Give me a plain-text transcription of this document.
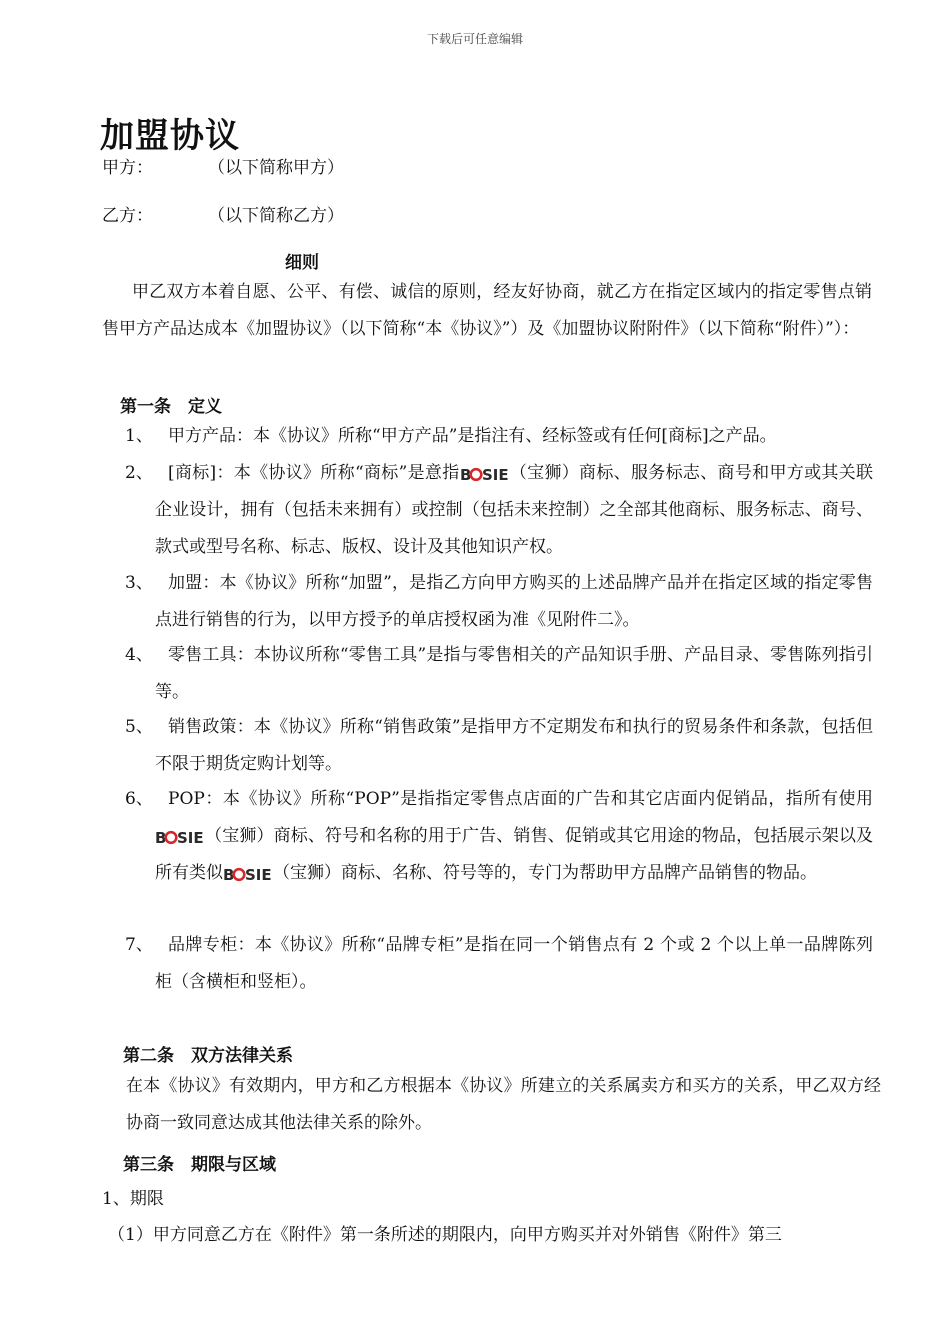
下载后可任意编辑
加盟协议
甲方：	（以下简称甲方）
乙方：	（以下简称乙方）
细则
甲乙双方本着自愿、公平、有偿、诚信的原则，经友好协商，就乙方在指定区域内的指定零售点销售甲方产品达成本《加盟协议》（以下简称“本《协议》”）及《加盟协议附附件》（以下简称“附件）”）：
第一条　定义
1、 甲方产品：本《协议》所称“甲方产品”是指注有、经标签或有任何[商标]之产品。
2、 [商标]：本《协议》所称“商标”是意指 B SIE （宝狮）商标、服务标志、商号和甲方或其关联企业设计，拥有（包括未来拥有）或控制（包括未来控制）之全部其他商标、服务标志、商号、款式或型号名称、标志、版权、设计及其他知识产权。
3、 加盟：本《协议》所称“加盟”，是指乙方向甲方购买的上述品牌产品并在指定区域的指定零售点进行销售的行为，以甲方授予的单店授权函为准《见附件二》。
4、 零售工具：本协议所称“零售工具”是指与零售相关的产品知识手册、产品目录、零售陈列指引等。
5、 销售政策：本《协议》所称“销售政策”是指甲方不定期发布和执行的贸易条件和条款，包括但不限于期货定购计划等。
6、 POP：本《协议》所称“POP”是指指定零售点店面的广告和其它店面内促销品，指所有使用
B SIE （宝狮）商标、符号和名称的用于广告、销售、促销或其它用途的物品，包括展示架以及所有类似 B SIE （宝狮）商标、名称、符号等的，专门为帮助甲方品牌产品销售的物品。
7、 品牌专柜：本《协议》所称“品牌专柜”是指在同一个销售点有 2 个或 2 个以上单一品牌陈列柜（含横柜和竖柜）。
第二条　双方法律关系
在本《协议》有效期内，甲方和乙方根据本《协议》所建立的关系属卖方和买方的关系，甲乙双方经协商一致同意达成其他法律关系的除外。
第三条　期限与区域
1、期限
（1）甲方同意乙方在《附件》第一条所述的期限内，向甲方购买并对外销售《附件》第三
